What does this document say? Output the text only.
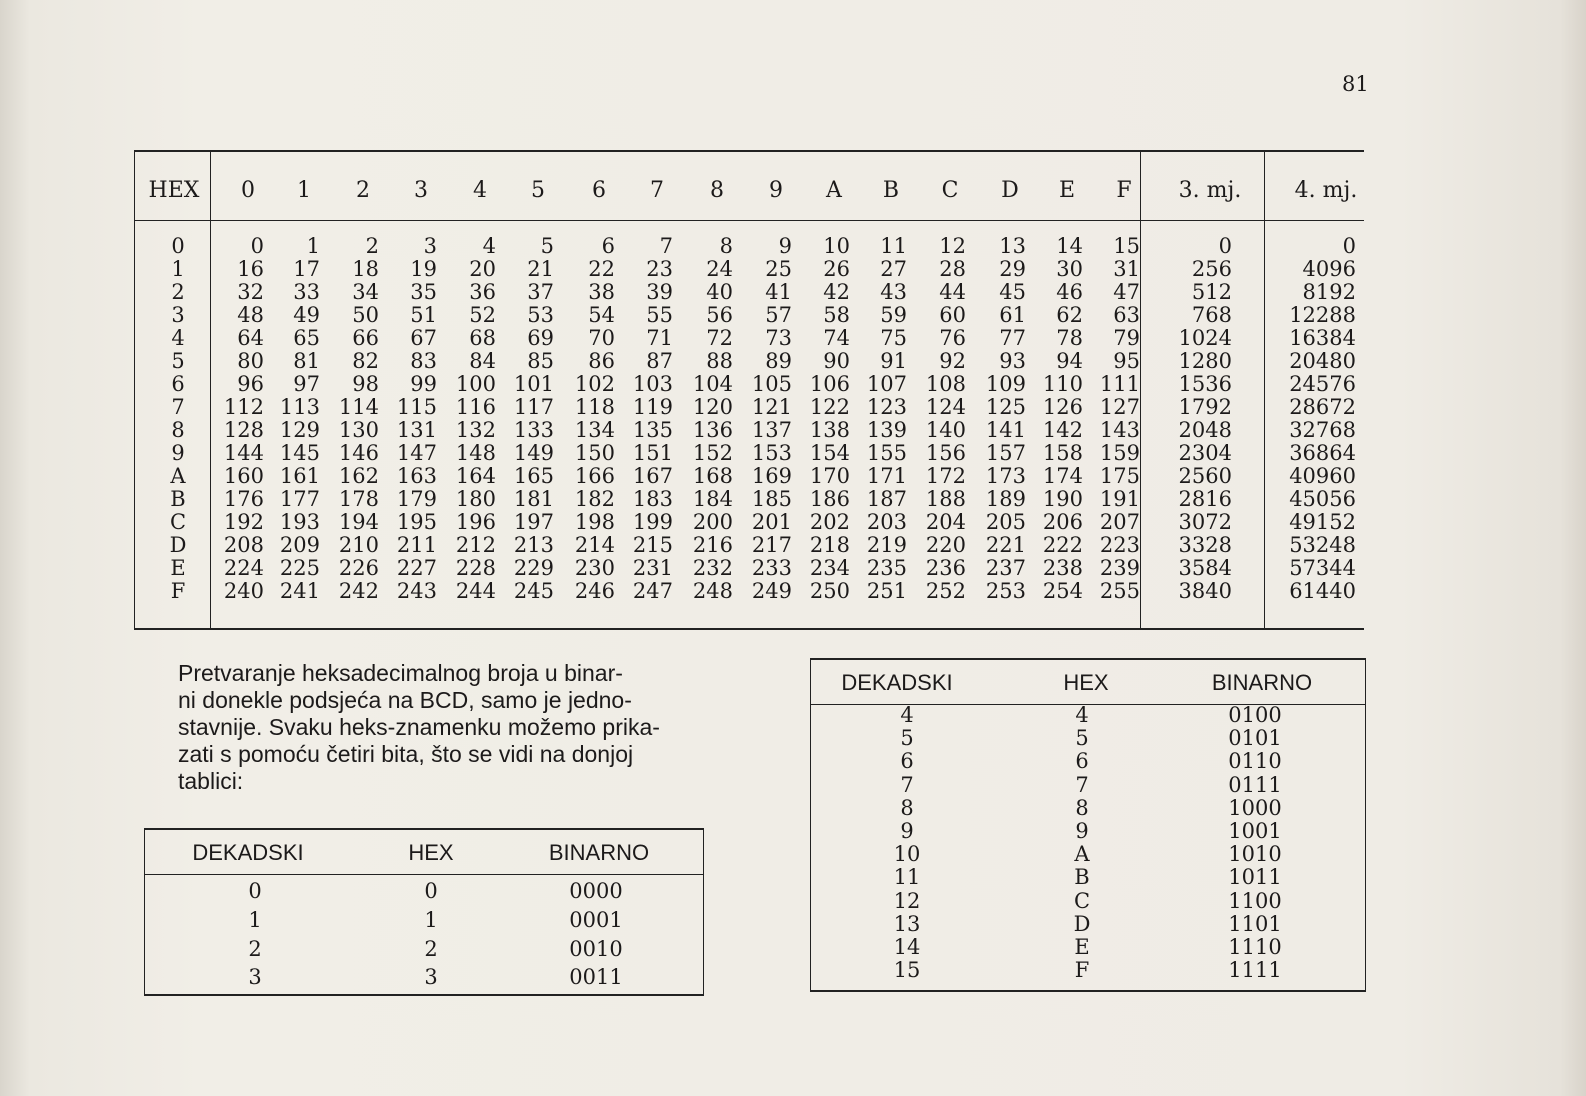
81
HEX	0	1	2	3	4	5	6	7	8	9	A	B	C	D	E	F	3. mj.	4. mj.
0	0	1	2	3	4	5	6	7	8	9	10	11	12	13	14	15	0	0
1	16	17	18	19	20	21	22	23	24	25	26	27	28	29	30	31	256	4096
2	32	33	34	35	36	37	38	39	40	41	42	43	44	45	46	47	512	8192
3	48	49	50	51	52	53	54	55	56	57	58	59	60	61	62	63	768	12288
4	64	65	66	67	68	69	70	71	72	73	74	75	76	77	78	79	1024	16384
5	80	81	82	83	84	85	86	87	88	89	90	91	92	93	94	95	1280	20480
6	96	97	98	99 100 101 102 103 104 105 106 107 108 109 110 111	1536	24576
7	112 113 114 115 116 117 118 119 120 121 122 123 124 125 126 127	1792	28672
8	128 129 130 131 132 133 134 135 136 137 138 139 140 141 142 143	2048	32768
9	144 145 146 147 148 149 150 151 152 153 154 155 156 157 158 159	2304	36864
A	160 161 162 163 164 165 166 167 168 169 170 171 172 173 174 175	2560	40960
B	176 177 178 179 180 181 182 183 184 185 186 187 188 189 190 191	2816	45056
C	192 193 194 195 196 197 198 199 200 201 202 203 204 205 206 207	3072	49152
D	208 209 210 211 212 213 214 215 216 217 218 219 220 221 222 223	3328	53248
E	224 225 226 227 228 229 230 231 232 233 234 235 236 237 238 239	3584	57344
F	240 241 242 243 244 245 246 247 248 249 250 251 252 253 254 255	3840	61440
Pretvaranje heksadecimalnog broja u binar-
ni donekle podsjeća na BCD, samo je jedno-
stavnije. Svaku heks-znamenku možemo prika-
zati s pomoću četiri bita, što se vidi na donjoj
tablici:
DEKADSKI	HEX	BINARNO
0	0	0000
1	1	0001
2	2	0010
3	3	0011
DEKADSKI	HEX	BINARNO
4	4	0100
5	5	0101
6	6	0110
7	7	0111
8	8	1000
9	9	1001
10	A	1010
11	B	1011
12	C	1100
13	D	1101
14	E	1110
15	F	1111
